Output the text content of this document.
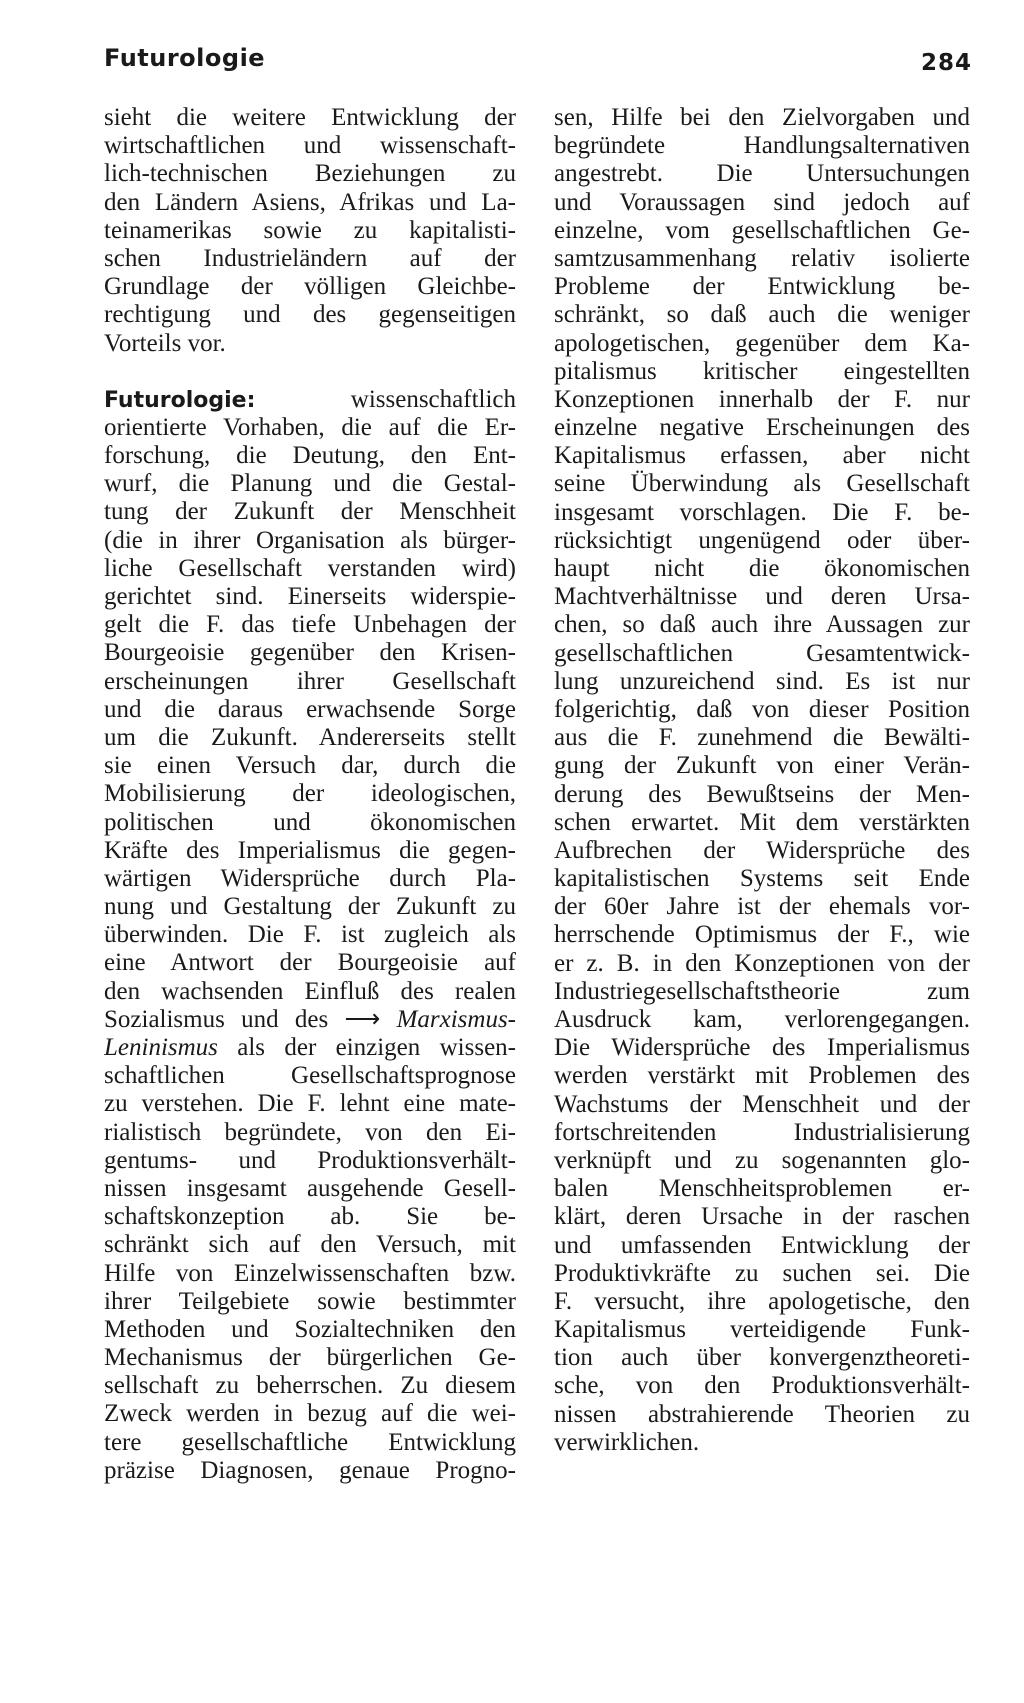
Futurologie	284
sieht die weitere Entwicklung der
wirtschaftlichen und wissenschaft-
lich-technischen Beziehungen zu
den Ländern Asiens, Afrikas und La-
teinamerikas sowie zu kapitalisti-
schen Industrieländern auf der
Grundlage der völligen Gleichbe-
rechtigung und des gegenseitigen
Vorteils vor.
Futurologie:	wissenschaftlich
orientierte Vorhaben, die auf die Er-
forschung, die Deutung, den Ent-
wurf, die Planung und die Gestal-
tung der Zukunft der Menschheit
(die in ihrer Organisation als bürger-
liche Gesellschaft verstanden wird)
gerichtet sind. Einerseits widerspie-
gelt die F. das tiefe Unbehagen der
Bourgeoisie gegenüber den Krisen-
erscheinungen ihrer Gesellschaft
und die daraus erwachsende Sorge
um die Zukunft. Andererseits stellt
sie einen Versuch dar, durch die
Mobilisierung der ideologischen,
politischen und ökonomischen
Kräfte des Imperialismus die gegen-
wärtigen Widersprüche durch Pla-
nung und Gestaltung der Zukunft zu
überwinden. Die F. ist zugleich als
eine Antwort der Bourgeoisie auf
den wachsenden Einfluß des realen
Sozialismus und des ⟶ Marxismus-
Leninismus als der einzigen wissen-
schaftlichen Gesellschaftsprognose
zu verstehen. Die F. lehnt eine mate-
rialistisch begründete, von den Ei-
gentums- und Produktionsverhält-
nissen insgesamt ausgehende Gesell-
schaftskonzeption ab. Sie be-
schränkt sich auf den Versuch, mit
Hilfe von Einzelwissenschaften bzw.
ihrer Teilgebiete sowie bestimmter
Methoden und Sozialtechniken den
Mechanismus der bürgerlichen Ge-
sellschaft zu beherrschen. Zu diesem
Zweck werden in bezug auf die wei-
tere gesellschaftliche Entwicklung
präzise Diagnosen, genaue Progno-
sen, Hilfe bei den Zielvorgaben und
begründete Handlungsalternativen
angestrebt. Die Untersuchungen
und Voraussagen sind jedoch auf
einzelne, vom gesellschaftlichen Ge-
samtzusammenhang relativ isolierte
Probleme der Entwicklung be-
schränkt, so daß auch die weniger
apologetischen, gegenüber dem Ka-
pitalismus kritischer eingestellten
Konzeptionen innerhalb der F. nur
einzelne negative Erscheinungen des
Kapitalismus erfassen, aber nicht
seine Überwindung als Gesellschaft
insgesamt vorschlagen. Die F. be-
rücksichtigt ungenügend oder über-
haupt nicht die ökonomischen
Machtverhältnisse und deren Ursa-
chen, so daß auch ihre Aussagen zur
gesellschaftlichen Gesamtentwick-
lung unzureichend sind. Es ist nur
folgerichtig, daß von dieser Position
aus die F. zunehmend die Bewälti-
gung der Zukunft von einer Verän-
derung des Bewußtseins der Men-
schen erwartet. Mit dem verstärkten
Aufbrechen der Widersprüche des
kapitalistischen Systems seit Ende
der 60er Jahre ist der ehemals vor-
herrschende Optimismus der F., wie
er z. B. in den Konzeptionen von der
Industriegesellschaftstheorie zum
Ausdruck kam, verlorengegangen.
Die Widersprüche des Imperialismus
werden verstärkt mit Problemen des
Wachstums der Menschheit und der
fortschreitenden Industrialisierung
verknüpft und zu sogenannten glo-
balen Menschheitsproblemen er-
klärt, deren Ursache in der raschen
und umfassenden Entwicklung der
Produktivkräfte zu suchen sei. Die
F. versucht, ihre apologetische, den
Kapitalismus verteidigende Funk-
tion auch über konvergenztheoreti-
sche, von den Produktionsverhält-
nissen abstrahierende Theorien zu
verwirklichen.
